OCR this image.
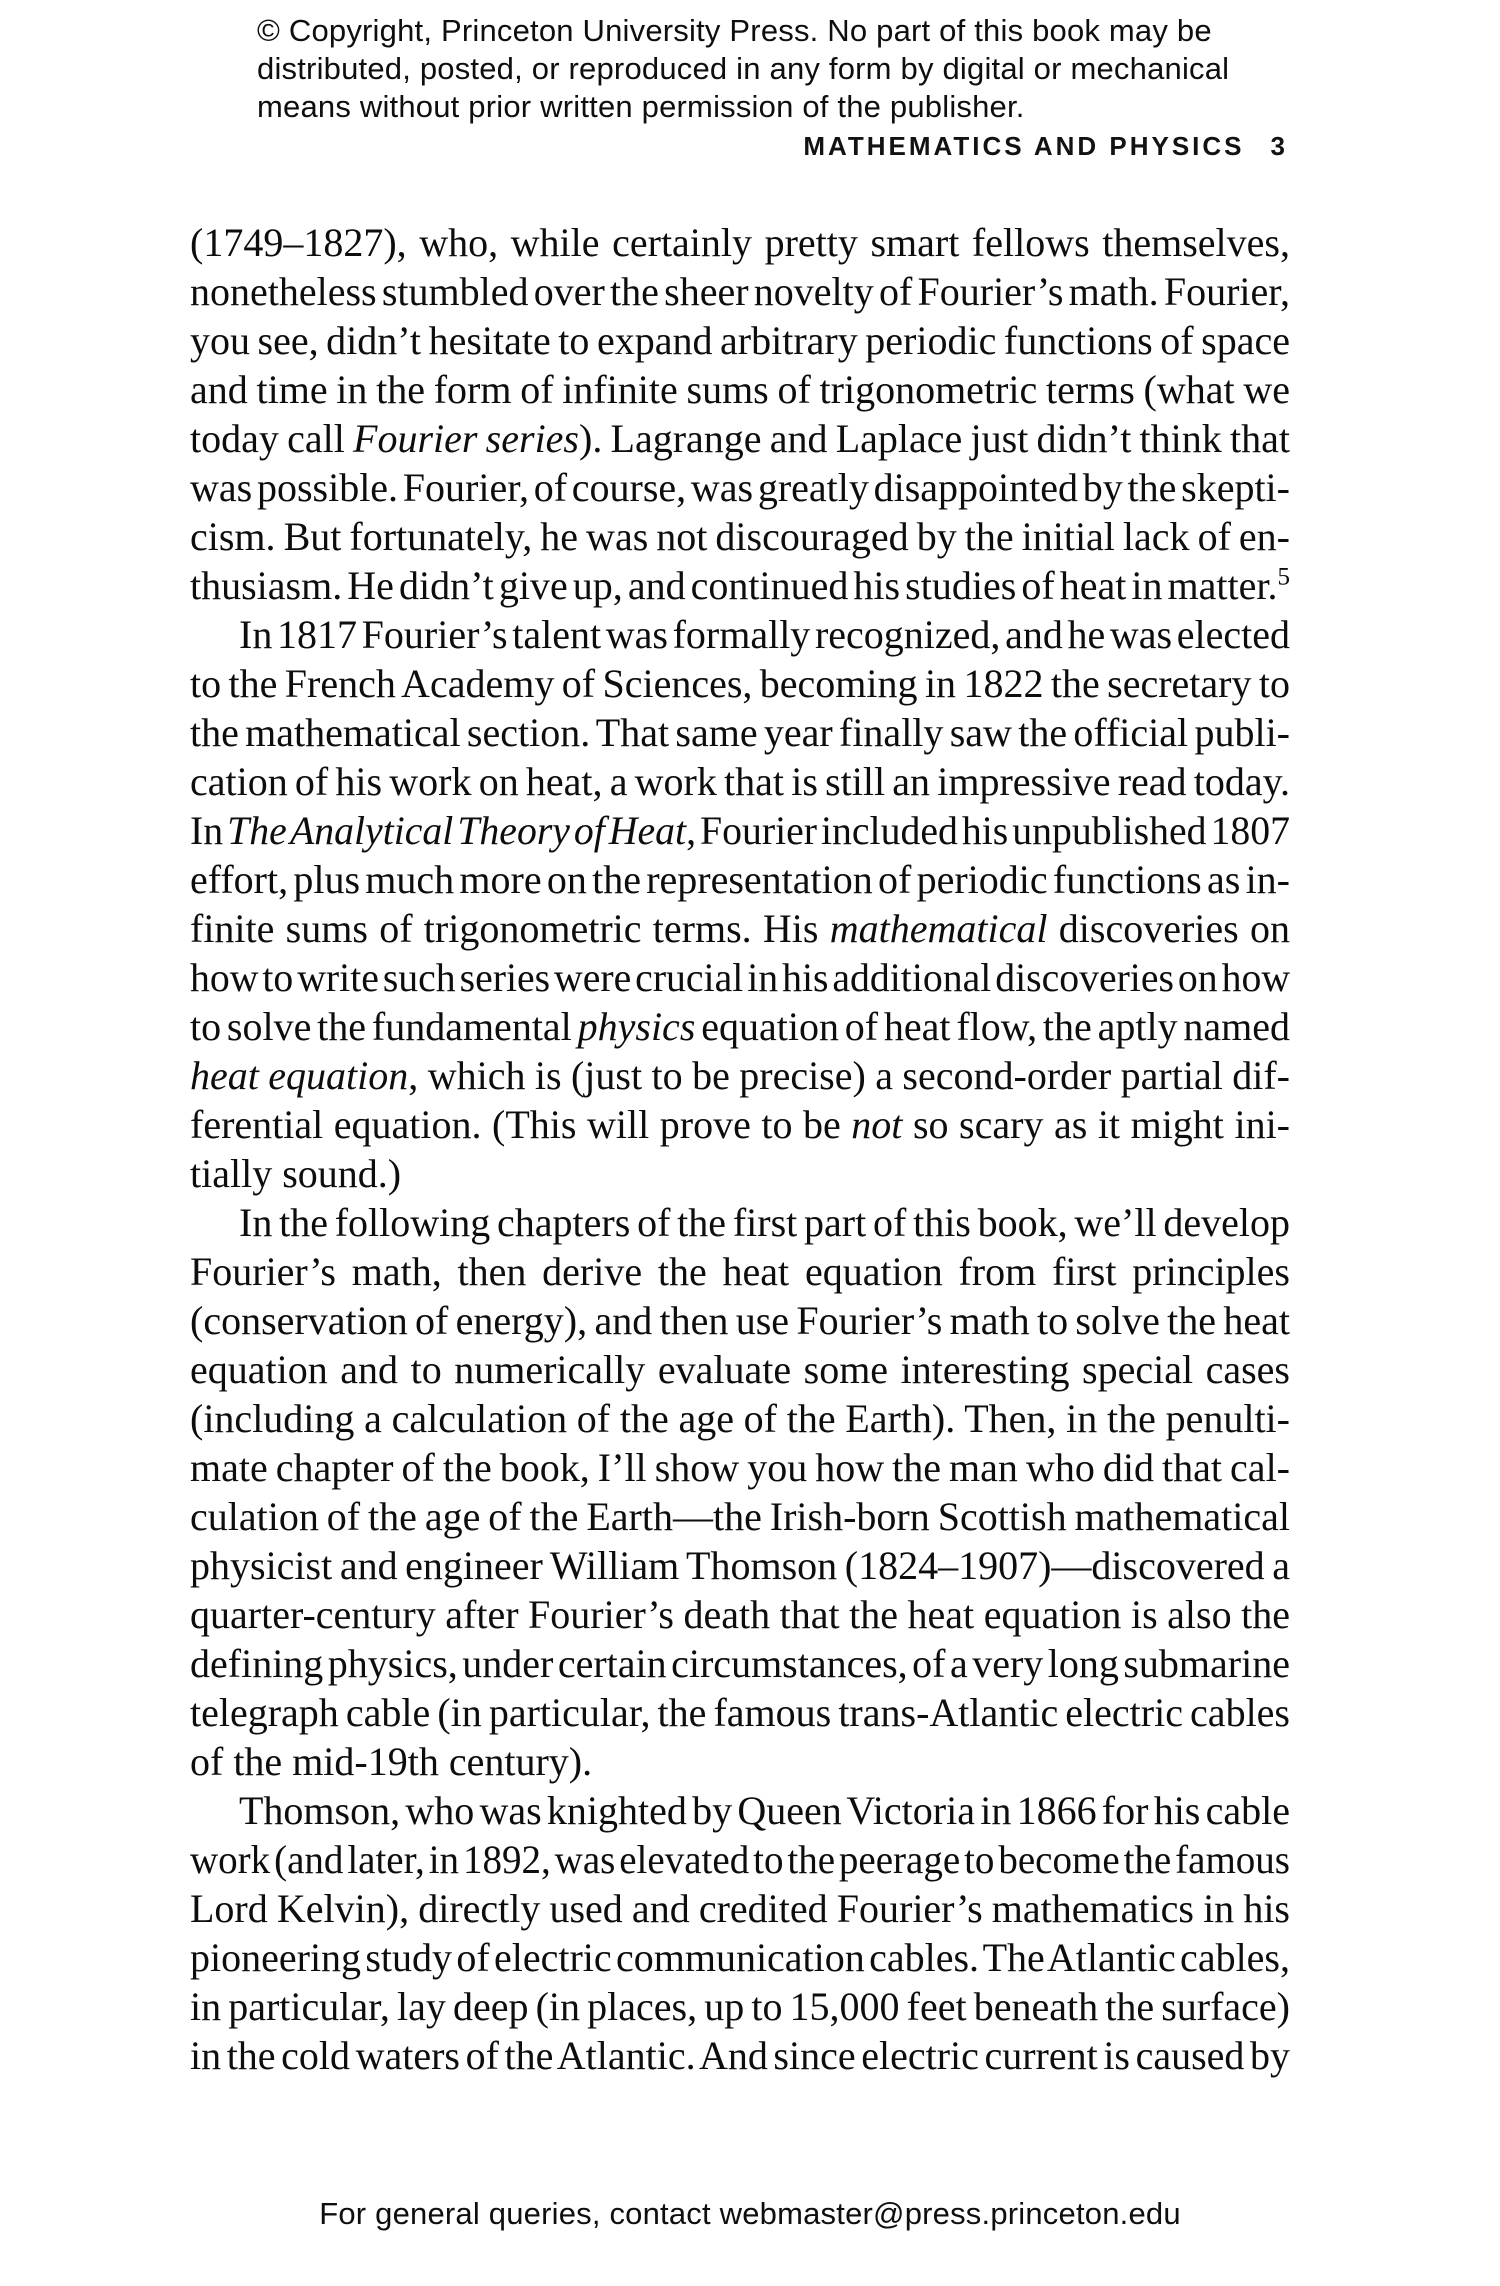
© Copyright, Princeton University Press. No part of this book may be
distributed, posted, or reproduced in any form by digital or mechanical
means without prior written permission of the publisher.
MATHEMATICS AND PHYSICS 3
(1749–1827), who, while certainly pretty smart fellows themselves,
nonetheless stumbled over the sheer novelty of Fourier’s math. Fourier,
you see, didn’t hesitate to expand arbitrary periodic functions of space
and time in the form of infinite sums of trigonometric terms (what we
today call Fourier series). Lagrange and Laplace just didn’t think that
was possible. Fourier, of course, was greatly disappointed by the skepti-
cism. But fortunately, he was not discouraged by the initial lack of en-
thusiasm. He didn’t give up, and continued his studies of heat in matter.$^5$
In 1817 Fourier’s talent was formally recognized, and he was elected
to the French Academy of Sciences, becoming in 1822 the secretary to
the mathematical section. That same year finally saw the official publi-
cation of his work on heat, a work that is still an impressive read today.
In The Analytical Theory of Heat, Fourier included his unpublished 1807
effort, plus much more on the representation of periodic functions as in-
finite sums of trigonometric terms. His mathematical discoveries on
how to write such series were crucial in his additional discoveries on how
to solve the fundamental physics equation of heat flow, the aptly named
heat equation, which is (just to be precise) a second-order partial dif-
ferential equation. (This will prove to be not so scary as it might ini-
tially sound.)
In the following chapters of the first part of this book, we’ll develop
Fourier’s math, then derive the heat equation from first principles
(conservation of energy), and then use Fourier’s math to solve the heat
equation and to numerically evaluate some interesting special cases
(including a calculation of the age of the Earth). Then, in the penulti-
mate chapter of the book, I’ll show you how the man who did that cal-
culation of the age of the Earth—the Irish-born Scottish mathematical
physicist and engineer William Thomson (1824–1907)—discovered a
quarter-century after Fourier’s death that the heat equation is also the
defining physics, under certain circumstances, of a very long submarine
telegraph cable (in particular, the famous trans-Atlantic electric cables
of the mid-19th century).
Thomson, who was knighted by Queen Victoria in 1866 for his cable
work (and later, in 1892, was elevated to the peerage to become the famous
Lord Kelvin), directly used and credited Fourier’s mathematics in his
pioneering study of electric communication cables. The Atlantic cables,
in particular, lay deep (in places, up to 15,000 feet beneath the surface)
in the cold waters of the Atlantic. And since electric current is caused by
For general queries, contact webmaster@press.princeton.edu
